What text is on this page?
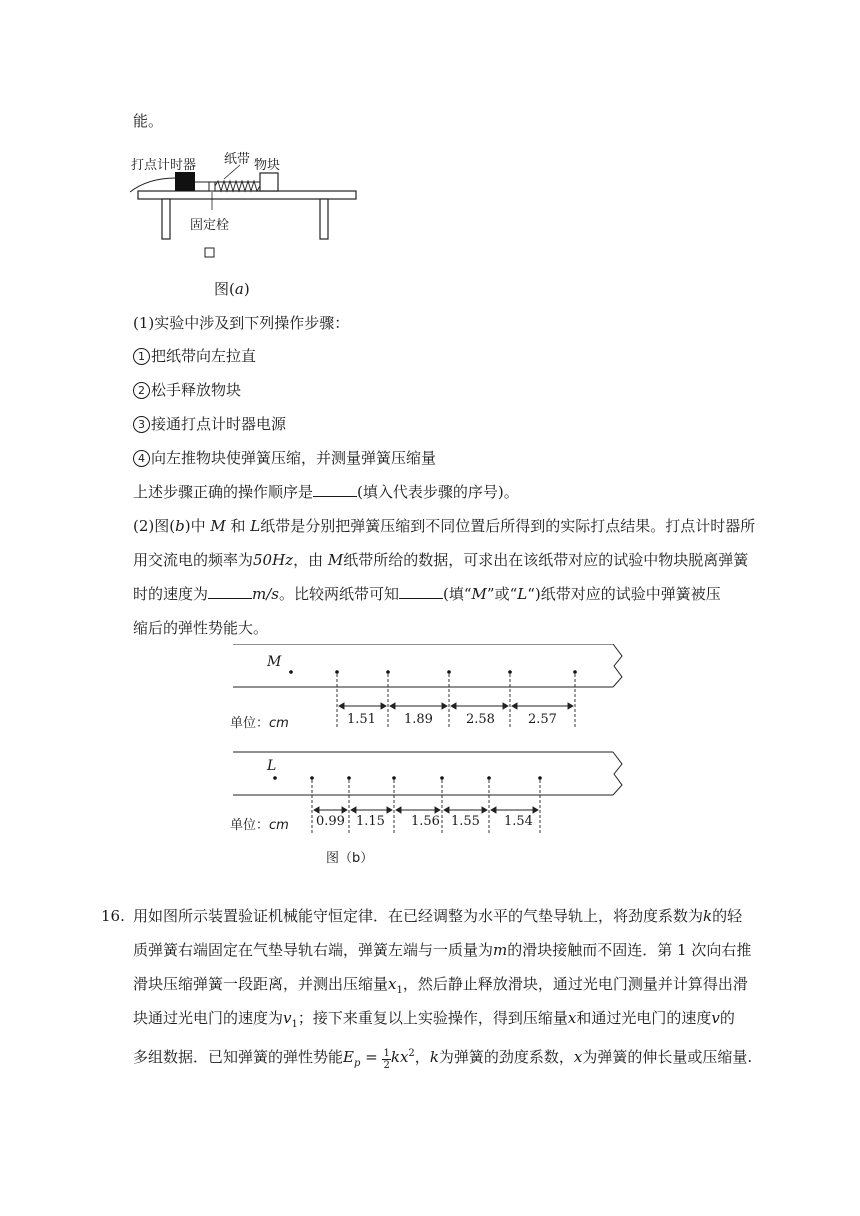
能。
打点计时器 纸带 物块
固定栓
图(a)
(1)实验中涉及到下列操作步骤：
1 把纸带向左拉直
2 松手释放物块
3 接通打点计时器电源
4 向左推物块使弹簧压缩，并测量弹簧压缩量
上述步骤正确的操作顺序是	(填入代表步骤的序号)。
(2)图(b)中 M 和 L纸带是分别把弹簧压缩到不同位置后所得到的实际打点结果。打点计时器所
用交流电的频率为50Hz，由 M纸带所给的数据，可求出在该纸带对应的试验中物块脱离弹簧
时的速度为	m/s。比较两纸带可知	(填“M”或“L“)纸带对应的试验中弹簧被压
缩后的弹性势能大。
M
L
单位：cm
单位：cm
1.51 1.89	2.58	2.57
0.99 1.15 1.56 1.55 1.54
图（b）
16. 用如图所示装置验证机械能守恒定律．在已经调整为水平的气垫导轨上，将劲度系数为k的轻
质弹簧右端固定在气垫导轨右端，弹簧左端与一质量为m的滑块接触而不固连．第 1 次向右推
滑块压缩弹簧一段距离，并测出压缩量$x_1$，然后静止释放滑块，通过光电门测量并计算得出滑
块通过光电门的速度为$v_1$；接下来重复以上实验操作，得到压缩量x和通过光电门的速度v的
多组数据．已知弹簧的弹性势能$E_p = \frac{1}{2} kx^2$，k为弹簧的劲度系数，x为弹簧的伸长量或压缩量.
